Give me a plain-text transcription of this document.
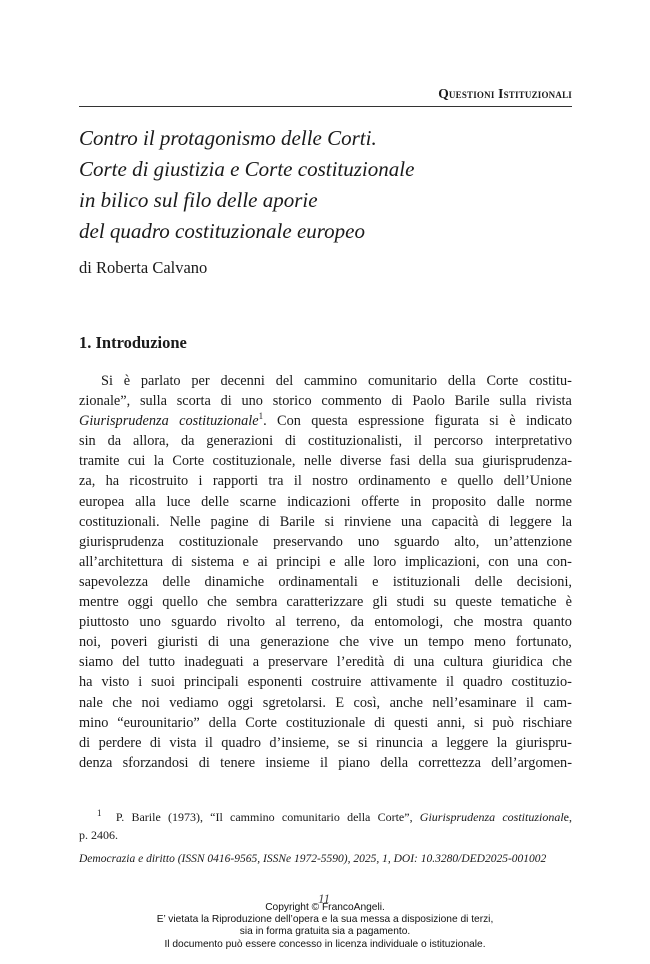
Questioni Istituzionali
Contro il protagonismo delle Corti.
Corte di giustizia e Corte costituzionale
in bilico sul filo delle aporie
del quadro costituzionale europeo
di Roberta Calvano
1. Introduzione
Si è parlato per decenni del cammino comunitario della Corte costitu-
zionale”, sulla scorta di uno storico commento di Paolo Barile sulla rivista
Giurisprudenza costituzionale$^1$. Con questa espressione figurata si è indicato
sin da allora, da generazioni di costituzionalisti, il percorso interpretativo
tramite cui la Corte costituzionale, nelle diverse fasi della sua giurisprudenza-
za, ha ricostruito i rapporti tra il nostro ordinamento e quello dell’Unione
europea alla luce delle scarne indicazioni offerte in proposito dalle norme
costituzionali. Nelle pagine di Barile si rinviene una capacità di leggere la
giurisprudenza costituzionale preservando uno sguardo alto, un’attenzione
all’architettura di sistema e ai principi e alle loro implicazioni, con una con-
sapevolezza delle dinamiche ordinamentali e istituzionali delle decisioni,
mentre oggi quello che sembra caratterizzare gli studi su queste tematiche è
piuttosto uno sguardo rivolto al terreno, da entomologi, che mostra quanto
noi, poveri giuristi di una generazione che vive un tempo meno fortunato,
siamo del tutto inadeguati a preservare l’eredità di una cultura giuridica che
ha visto i suoi principali esponenti costruire attivamente il quadro costituzio-
nale che noi vediamo oggi sgretolarsi. E così, anche nell’esaminare il cam-
mino “eurounitario” della Corte costituzionale di questi anni, si può rischiare
di perdere di vista il quadro d’insieme, se si rinuncia a leggere la giurispru-
denza sforzandosi di tenere insieme il piano della correttezza dell’argomen-
$^1$ P. Barile (1973), “Il cammino comunitario della Corte”, Giurisprudenza costituzionale,
p. 2406.
Democrazia e diritto (ISSN 0416-9565, ISSNe 1972-5590), 2025, 1, DOI: 10.3280/DED2025-001002
11
Copyright © FrancoAngeli.
E’ vietata la Riproduzione dell’opera e la sua messa a disposizione di terzi,
sia in forma gratuita sia a pagamento.
Il documento può essere concesso in licenza individuale o istituzionale.
